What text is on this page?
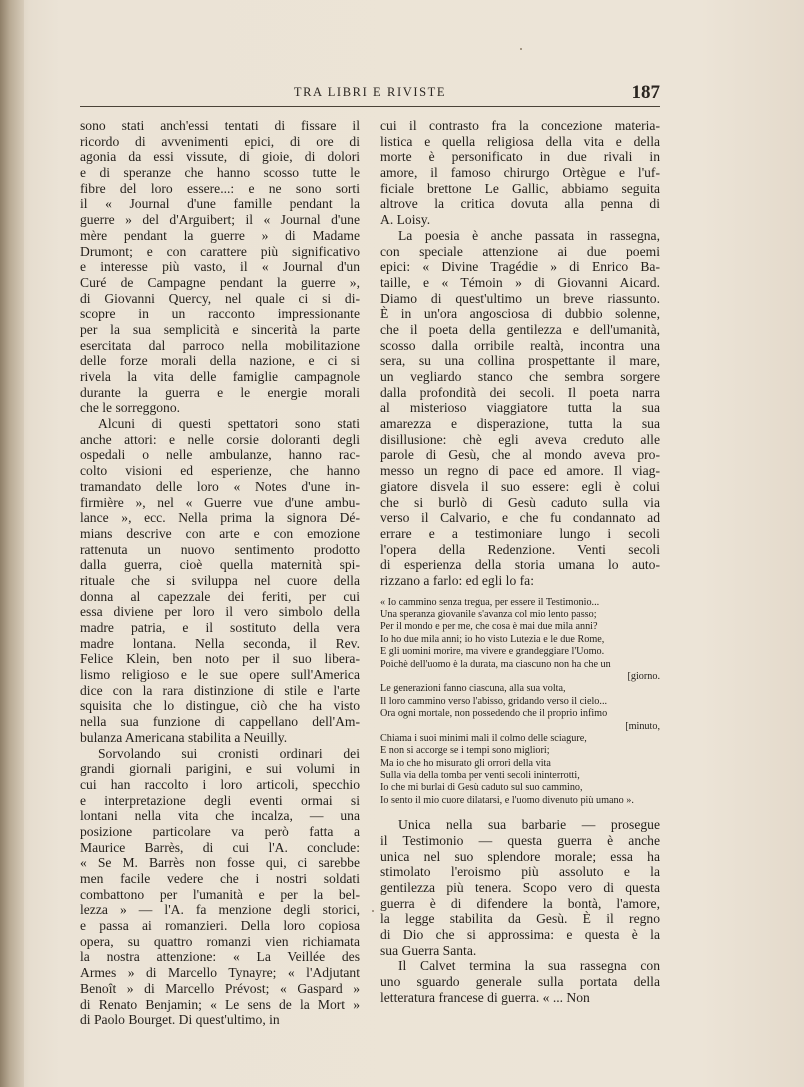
TRA LIBRI E RIVISTE	187
sono stati anch'essi tentati di fissare il
ricordo di avvenimenti epici, di ore di
agonia da essi vissute, di gioie, di dolori
e di speranze che hanno scosso tutte le
fibre del loro essere...: e ne sono sorti
il « Journal d'une famille pendant la
guerre » del d'Arguibert; il « Journal d'une
mère pendant la guerre » di Madame
Drumont; e con carattere più significativo
e interesse più vasto, il « Journal d'un
Curé de Campagne pendant la guerre »,
di Giovanni Quercy, nel quale ci si di-
scopre in un racconto impressionante
per la sua semplicità e sincerità la parte
esercitata dal parroco nella mobilitazione
delle forze morali della nazione, e ci si
rivela la vita delle famiglie campagnole
durante la guerra e le energie morali
che le sorreggono.
Alcuni di questi spettatori sono stati
anche attori: e nelle corsie doloranti degli
ospedali o nelle ambulanze, hanno rac-
colto visioni ed esperienze, che hanno
tramandato delle loro « Notes d'une in-
firmière », nel « Guerre vue d'une ambu-
lance », ecc. Nella prima la signora Dé-
mians descrive con arte e con emozione
rattenuta un nuovo sentimento prodotto
dalla guerra, cioè quella maternità spi-
rituale che si sviluppa nel cuore della
donna al capezzale dei feriti, per cui
essa diviene per loro il vero simbolo della
madre patria, e il sostituto della vera
madre lontana. Nella seconda, il Rev.
Felice Klein, ben noto per il suo libera-
lismo religioso e le sue opere sull'America
dice con la rara distinzione di stile e l'arte
squisita che lo distingue, ciò che ha visto
nella sua funzione di cappellano dell'Am-
bulanza Americana stabilita a Neuilly.
Sorvolando sui cronisti ordinari dei
grandi giornali parigini, e sui volumi in
cui han raccolto i loro articoli, specchio
e interpretazione degli eventi ormai si
lontani nella vita che incalza, — una
posizione particolare va però fatta a
Maurice Barrès, di cui l'A. conclude:
« Se M. Barrès non fosse qui, ci sarebbe
men facile vedere che i nostri soldati
combattono per l'umanità e per la bel-
lezza » — l'A. fa menzione degli storici,
e passa ai romanzieri. Della loro copiosa
opera, su quattro romanzi vien richiamata
la nostra attenzione: « La Veillée des
Armes » di Marcello Tynayre; « l'Adjutant
Benoît » di Marcello Prévost; « Gaspard »
di Renato Benjamin; « Le sens de la Mort »
di Paolo Bourget. Di quest'ultimo, in
cui il contrasto fra la concezione materia-
listica e quella religiosa della vita e della
morte è personificato in due rivali in
amore, il famoso chirurgo Ortègue e l'uf-
ficiale brettone Le Gallic, abbiamo seguita
altrove la critica dovuta alla penna di
A. Loisy.
La poesia è anche passata in rassegna,
con speciale attenzione ai due poemi
epici: « Divine Tragédie » di Enrico Ba-
taille, e « Témoin » di Giovanni Aicard.
Diamo di quest'ultimo un breve riassunto.
È in un'ora angosciosa di dubbio solenne,
che il poeta della gentilezza e dell'umanità,
scosso dalla orribile realtà, incontra una
sera, su una collina prospettante il mare,
un vegliardo stanco che sembra sorgere
dalla profondità dei secoli. Il poeta narra
al misterioso viaggiatore tutta la sua
amarezza e disperazione, tutta la sua
disillusione: chè egli aveva creduto alle
parole di Gesù, che al mondo aveva pro-
messo un regno di pace ed amore. Il viag-
giatore disvela il suo essere: egli è colui
che si burlò di Gesù caduto sulla via
verso il Calvario, e che fu condannato ad
errare e a testimoniare lungo i secoli
l'opera della Redenzione. Venti secoli
di esperienza della storia umana lo auto-
rizzano a farlo: ed egli lo fa:
« Io cammino senza tregua, per essere il Testimonio...
Una speranza giovanile s'avanza col mio lento passo;
Per il mondo e per me, che cosa è mai due mila anni?
Io ho due mila anni; io ho visto Lutezia e le due Rome,
E gli uomini morire, ma vivere e grandeggiare l'Uomo.
Poichè dell'uomo è la durata, ma ciascuno non ha che un
[giorno.
Le generazioni fanno ciascuna, alla sua volta,
Il loro cammino verso l'abisso, gridando verso il cielo...
Ora ogni mortale, non possedendo che il proprio infimo
[minuto,
Chiama i suoi minimi mali il colmo delle sciagure,
E non si accorge se i tempi sono migliori;
Ma io che ho misurato gli orrori della vita
Sulla via della tomba per venti secoli ininterrotti,
Io che mi burlai di Gesù caduto sul suo cammino,
Io sento il mio cuore dilatarsi, e l'uomo divenuto più umano ».
Unica nella sua barbarie — prosegue
il Testimonio — questa guerra è anche
unica nel suo splendore morale; essa ha
stimolato l'eroismo più assoluto e la
gentilezza più tenera. Scopo vero di questa
guerra è di difendere la bontà, l'amore,
la legge stabilita da Gesù. È il regno
di Dio che si approssima: e questa è la
sua Guerra Santa.
Il Calvet termina la sua rassegna con
uno sguardo generale sulla portata della
letteratura francese di guerra. « ... Non
